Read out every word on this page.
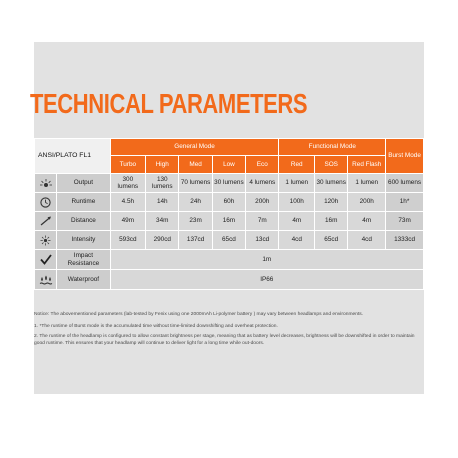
TECHNICAL PARAMETERS
ANSI/PLATO FL1		General Mode					Functional Mode			Burst Mode
		Turbo	High	Med	Low	Eco	Red	SOS	Red Flash	

	Output	300 lumens	130 lumens	70 lumens	30 lumens	4 lumens	1 lumen	30 lumens	1 lumen	600 lumens

	Runtime	4.5h	14h	24h	60h	200h	100h	120h	200h	1h*

	Distance	49m	34m	23m	16m	7m	4m	16m	4m	73m

	Intensity	593cd	290cd	137cd	65cd	13cd	4cd	65cd	4cd	1333cd

	Impact Resistance	1m								

	Waterproof	IP66								

Notice: The abovementioned parameters (lab-tested by Fenix using one 2000mAh Li-polymer battery ) may vary between headlamps and environments.

1. *The runtime of Burst mode is the accumulated time without time-limited downshifting and overheat protection.

2. The runtime of the headlamp is configured to allow constant brightness per stage, meaning that as battery level decreases, brightness will be downshifted in order to maintain good runtime. This ensures that your headlamp will continue to deliver light for a long time while out-doors.
